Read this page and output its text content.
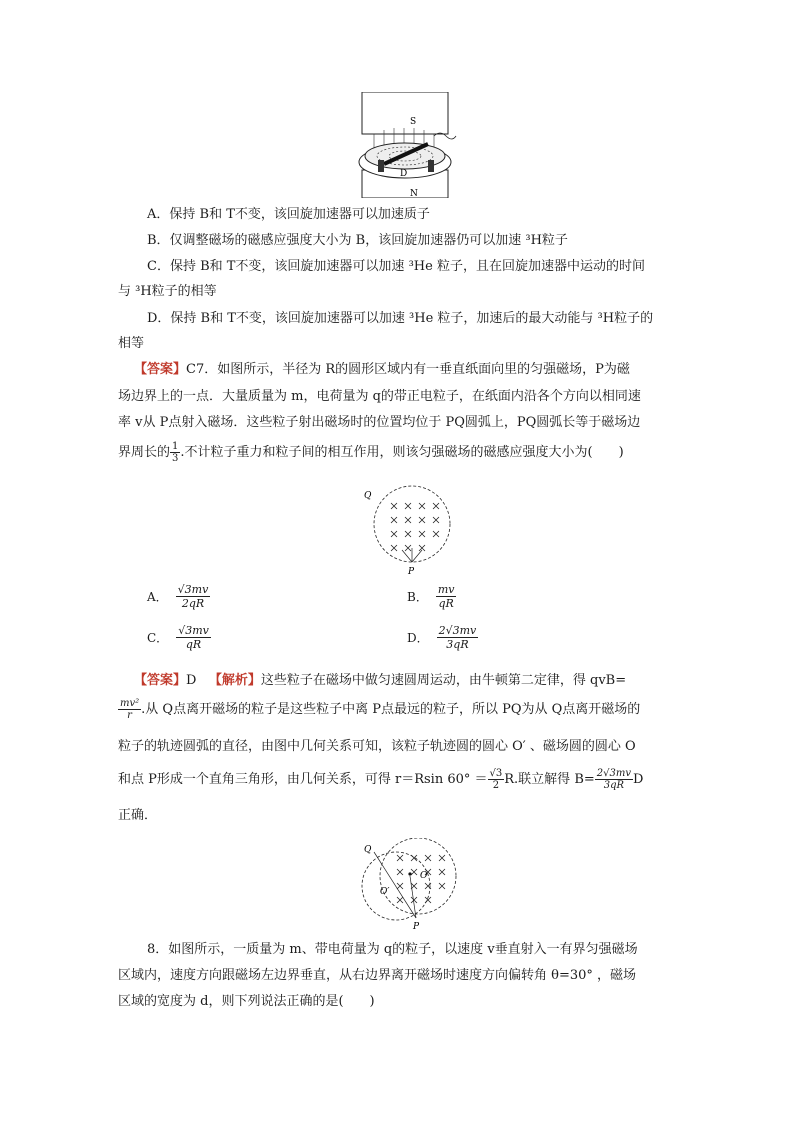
S
D
N
A．保持 B和 T不变，该回旋加速器可以加速质子
B．仅调整磁场的磁感应强度大小为 B，该回旋加速器仍可以加速 ³H粒子
C．保持 B和 T不变，该回旋加速器可以加速 ³He 粒子，且在回旋加速器中运动的时间
与 ³H粒子的相等
D．保持 B和 T不变，该回旋加速器可以加速 ³He 粒子，加速后的最大动能与 ³H粒子的
相等
【答案】C7．如图所示，半径为 R的圆形区域内有一垂直纸面向里的匀强磁场，P为磁
场边界上的一点．大量质量为 m，电荷量为 q的带正电粒子，在纸面内沿各个方向以相同速
率 v从 P点射入磁场．这些粒子射出磁场时的位置均位于 PQ圆弧上，PQ圆弧长等于磁场边
界周长的 $\frac{1}{3}$ .不计粒子重力和粒子间的相互作用，则该匀强磁场的磁感应强度大小为(　　)
Q
P
A． $\frac{√3mv}{2qR}$	B． $\frac{mv}{qR}$
C． $\frac{√3mv}{qR}$	D． $\frac{2√3mv}{3qR}$
【答案】D 【解析】这些粒子在磁场中做匀速圆周运动，由牛顿第二定律，得 qvB=
$\frac{\text{mv²}}{r}$ .从 Q点离开磁场的粒子是这些粒子中离 P点最远的粒子，所以 PQ为从 Q点离开磁场的
粒子的轨迹圆弧的直径，由图中几何关系可知，该粒子轨迹圆的圆心 O′ 、磁场圆的圆心 O
和点 P形成一个直角三角形，由几何关系，可得 r＝Rsin $60^\circ = \frac{√3}{2} R$.联立解得 $B= \frac{2√3mv}{3qR}$ D
正确．
Q
O′
O
P
8．如图所示，一质量为 m、带电荷量为 q的粒子，以速度 v垂直射入一有界匀强磁场
区域内，速度方向跟磁场左边界垂直，从右边界离开磁场时速度方向偏转角 θ=30° ，磁场
区域的宽度为 d，则下列说法正确的是(　　)
